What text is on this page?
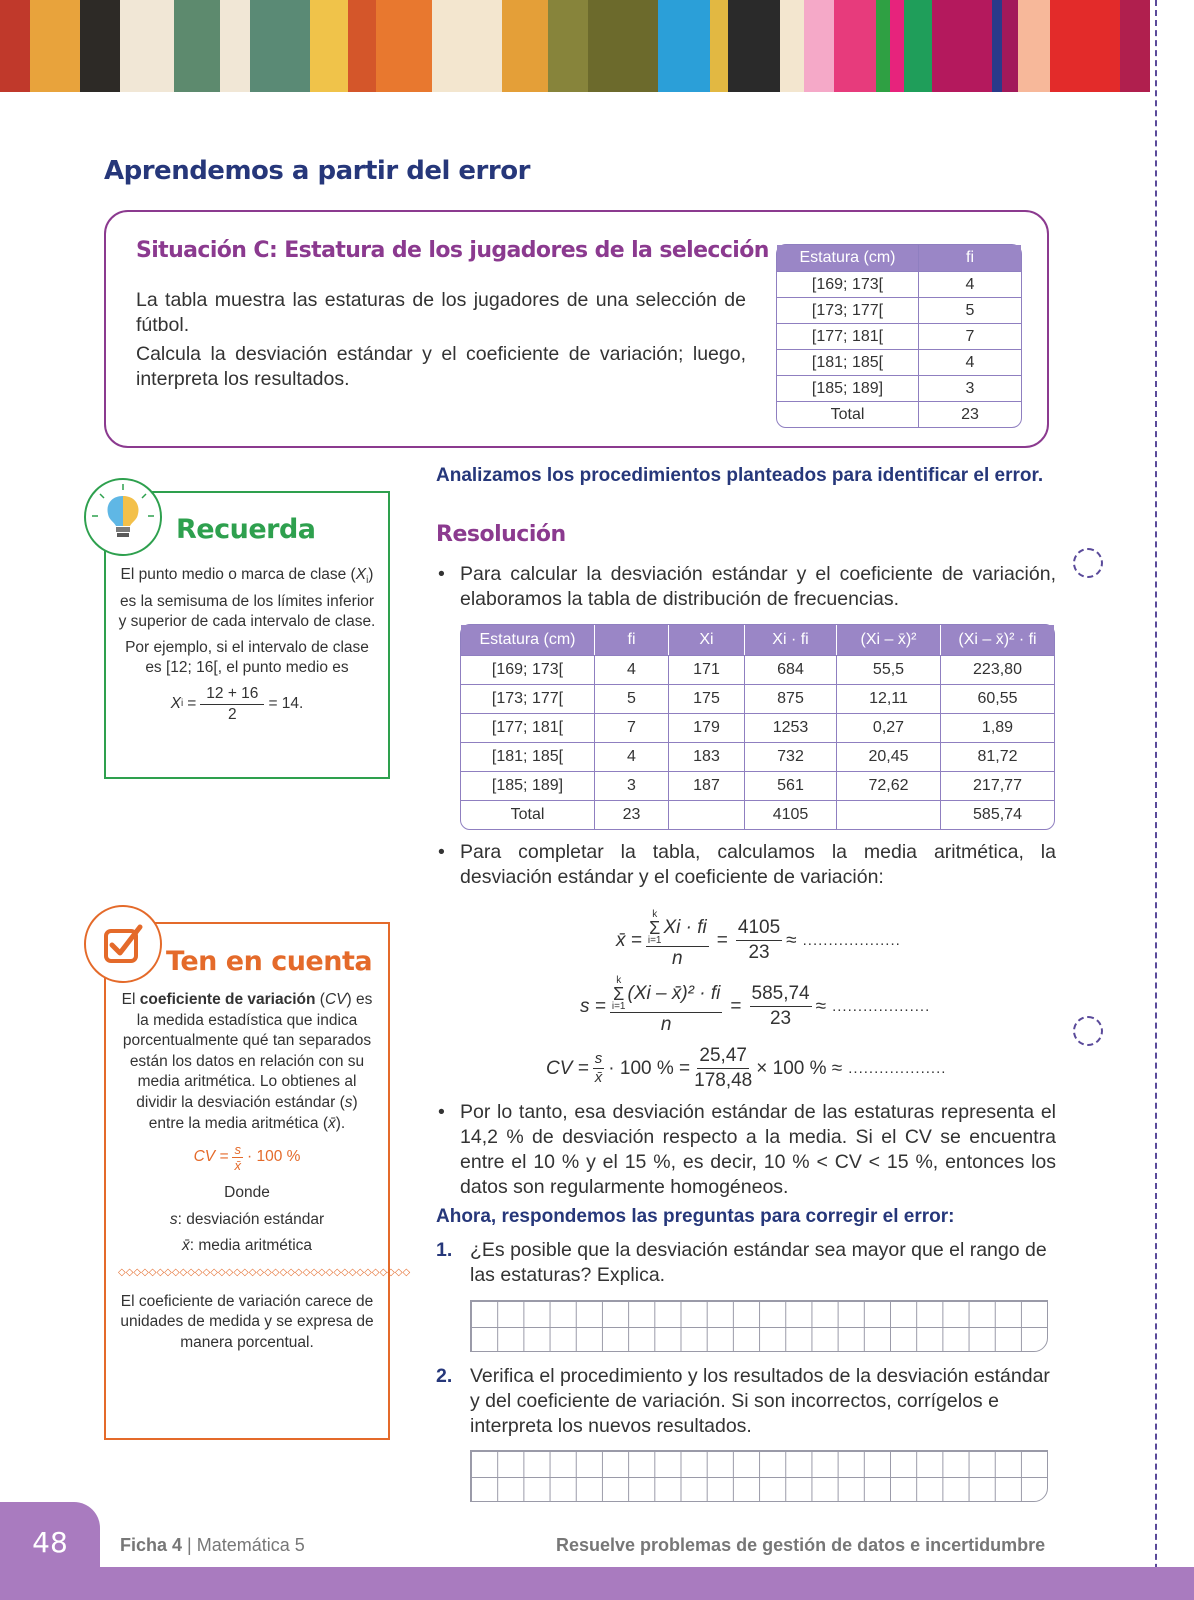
Aprendemos a partir del error
Situación C: Estatura de los jugadores de la selección

La tabla muestra las estaturas de los jugadores de una selección de fútbol.

Calcula la desviación estándar y el coeficiente de variación; luego, interpreta los resultados.

Estatura (cm)	fi
[169; 173[	4
[173; 177[	5
[177; 181[	7
[181; 185[	4
[185; 189]	3
Total	23
Recuerda

El punto medio o marca de clase $(X_i)$ es la semisuma de los límites inferior y superior de cada intervalo de clase.

Por ejemplo, si el intervalo de clase es [12; 16[, el punto medio es

X $i = \frac{12 + 16}{2} = 14$.
Ten en cuenta

El coeficiente de variación (CV) es la medida estadística que indica porcentualmente qué tan separados están los datos en relación con su media aritmética. Lo obtienes al dividir la desviación estándar (s) entre la media aritmética (x̄).

CV = $\frac{s}{x̄} \cdot 100$ %

Donde

s: desviación estándar

x̄: media aritmética

◇◇◇◇◇◇◇◇◇◇◇◇◇◇◇◇◇◇◇◇◇◇◇◇◇◇◇◇◇◇◇◇◇◇◇◇◇◇

El coeficiente de variación carece de unidades de medida y se expresa de manera porcentual.

Analizamos los procedimientos planteados para identificar el error.
Resolución
• Para calcular la desviación estándar y el coeficiente de variación, elaboramos la tabla de distribución de frecuencias.
Estatura (cm)	fi	Xi	Xi · fi	(Xi – x̄)²	(Xi – x̄)² · fi
[169; 173[	4	171	684	55,5	223,80
[173; 177[	5	175	875	12,11	60,55
[177; 181[	7	179	1253	0,27	1,89
[181; 185[	4	183	732	20,45	81,72
[185; 189]	3	187	561	72,62	217,77
Total	23		4105		585,74
• Para completar la tabla, calculamos la media aritmética, la desviación estándar y el coeficiente de variación:
x̄ = k
Σ
i=1
Xi · fi
$n = \frac{4105}{23}$ ≈ ...................
s = k
Σ
i=1
(Xi – x̄)² · fi
$n = \frac{585,74}{23}$ ≈ ...................
CV = $\frac{s}{x̄} \cdot 100$ % = $\frac{25,47}{178,48} \times 100$ % ≈ ...................
• Por lo tanto, esa desviación estándar de las estaturas representa el 14,2 % de desviación respecto a la media. Si el CV se encuentra entre el 10 % y el 15 %, es decir, 10 % < CV < 15 %, entonces los datos son regularmente homogéneos.
Ahora, respondemos las preguntas para corregir el error:
1. ¿Es posible que la desviación estándar sea mayor que el rango de las estaturas? Explica.
2. Verifica el procedimiento y los resultados de la desviación estándar y del coeficiente de variación. Si son incorrectos, corrígelos e interpreta los nuevos resultados.
48	Ficha 4 | Matemática 5	Resuelve problemas de gestión de datos e incertidumbre
